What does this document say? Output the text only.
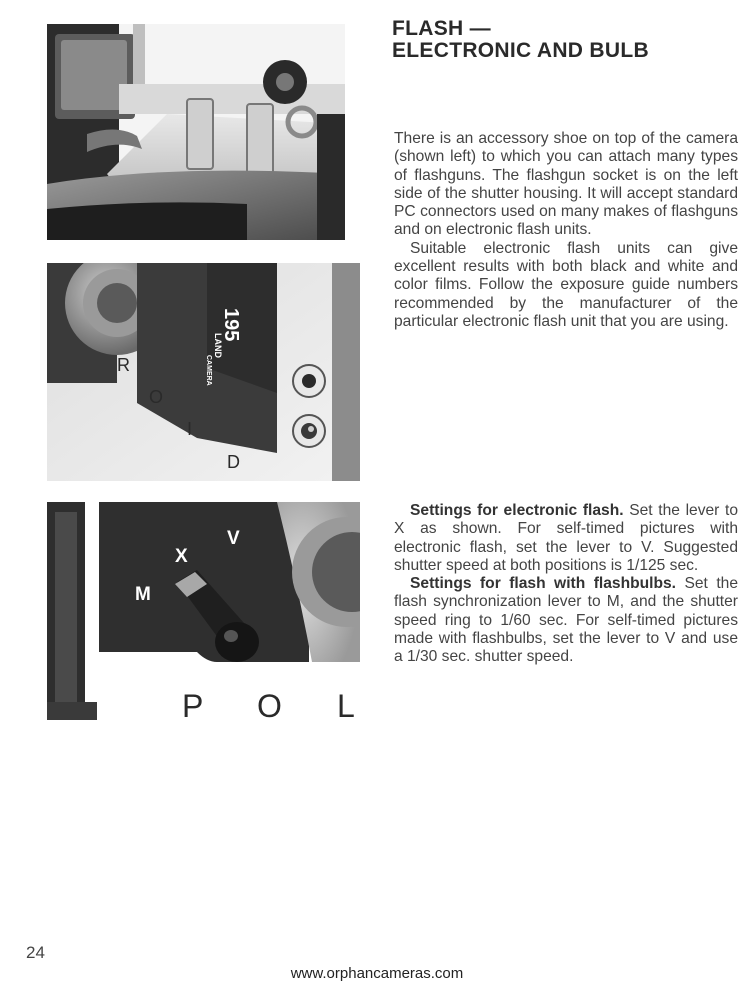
195
LAND
CAMERA
R
O
I
D
X
V
M
P O L
FLASH —
ELECTRONIC AND BULB

There is an accessory shoe on top of the camera (shown left) to which you can attach many types of flashguns. The flashgun socket is on the left side of the shutter housing. It will accept standard PC connectors used on many makes of flashguns and on electronic flash units.

Suitable electronic flash units can give excellent results with both black and white and color films. Follow the exposure guide numbers recommended by the manufacturer of the particular electronic flash unit that you are using.

Settings for electronic flash. Set the lever to X as shown. For self-timed pictures with electronic flash, set the lever to V. Suggested shutter speed at both positions is 1/125 sec.

Settings for flash with flashbulbs. Set the flash synchronization lever to M, and the shutter speed ring to 1/60 sec. For self-timed pictures made with flashbulbs, set the lever to V and use a 1/30 sec. shutter speed.

24
www.orphancameras.com
